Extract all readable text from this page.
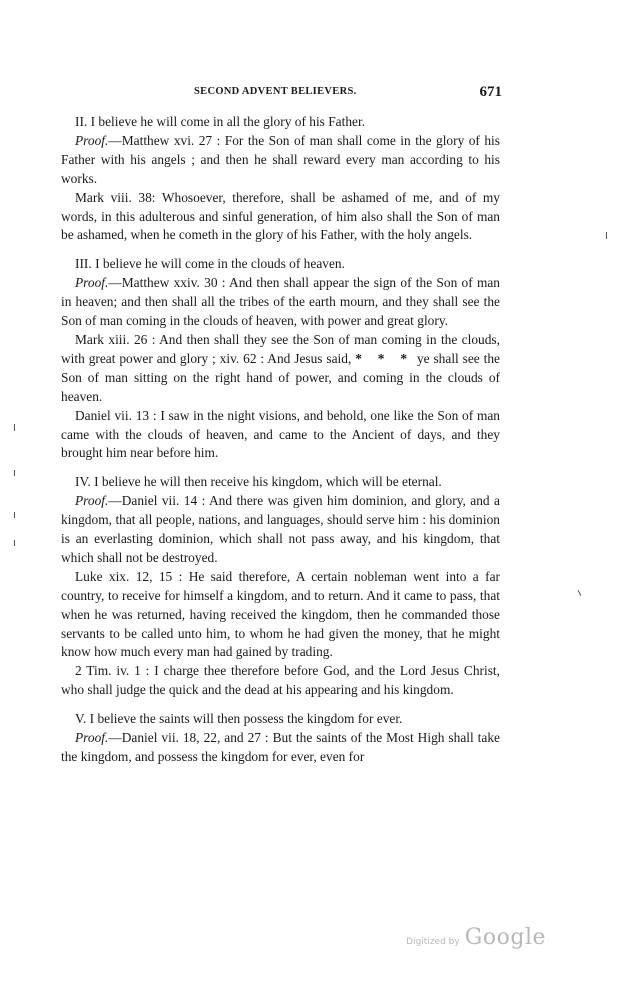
SECOND ADVENT BELIEVERS.	671

II. I believe he will come in all the glory of his Father.

Proof.—Matthew xvi. 27 : For the Son of man shall come in the glory of his Father with his angels ; and then he shall reward every man according to his works.

Mark viii. 38: Whosoever, therefore, shall be ashamed of me, and of my words, in this adulterous and sinful generation, of him also shall the Son of man be ashamed, when he cometh in the glory of his Father, with the holy angels.

III. I believe he will come in the clouds of heaven.

Proof.—Matthew xxiv. 30 : And then shall appear the sign of the Son of man in heaven; and then shall all the tribes of the earth mourn, and they shall see the Son of man coming in the clouds of heaven, with power and great glory.

Mark xiii. 26 : And then shall they see the Son of man coming in the clouds, with great power and glory ; xiv. 62 : And Jesus said, * * * ye shall see the Son of man sitting on the right hand of power, and coming in the clouds of heaven.

Daniel vii. 13 : I saw in the night visions, and behold, one like the Son of man came with the clouds of heaven, and came to the Ancient of days, and they brought him near before him.

IV. I believe he will then receive his kingdom, which will be eternal.

Proof.—Daniel vii. 14 : And there was given him dominion, and glory, and a kingdom, that all people, nations, and languages, should serve him : his dominion is an everlasting dominion, which shall not pass away, and his kingdom, that which shall not be destroyed.

Luke xix. 12, 15 : He said therefore, A certain nobleman went into a far country, to receive for himself a kingdom, and to return. And it came to pass, that when he was returned, having received the kingdom, then he commanded those servants to be called unto him, to whom he had given the money, that he might know how much every man had gained by trading.

2 Tim. iv. 1 : I charge thee therefore before God, and the Lord Jesus Christ, who shall judge the quick and the dead at his appearing and his kingdom.

V. I believe the saints will then possess the kingdom for ever.

Proof.—Daniel vii. 18, 22, and 27 : But the saints of the Most High shall take the kingdom, and possess the kingdom for ever, even for

Digitized by Google
